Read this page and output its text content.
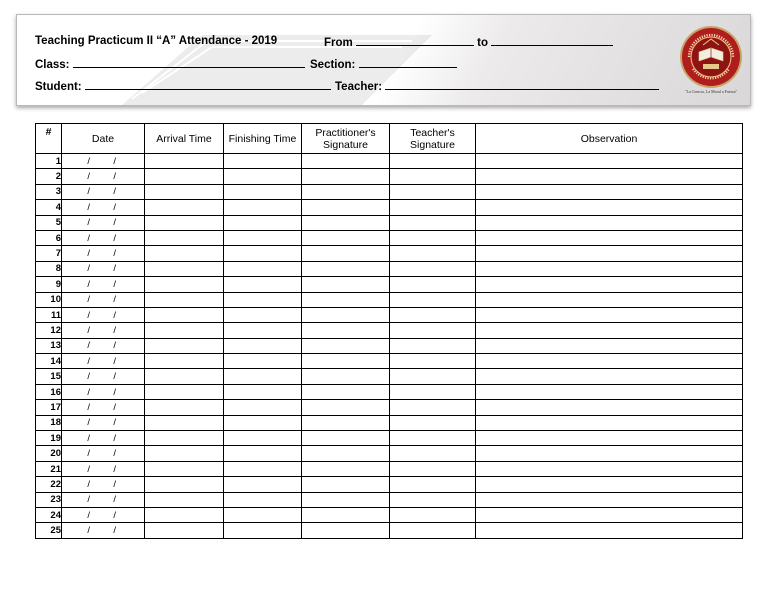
Teaching Practicum II “A” Attendance - 2019	From	to
Class:	Section:
Student:	Teacher:	"La Ciencia, La Moral a Fuerza"
#	Date	Arrival Time	Finishing Time	Practitioner's Signature	Teacher's Signature	Observation
1	/ /					
2	/ /					
3	/ /					
4	/ /					
5	/ /					
6	/ /					
7	/ /					
8	/ /					
9	/ /					
10	/ /					
11	/ /					
12	/ /					
13	/ /					
14	/ /					
15	/ /					
16	/ /					
17	/ /					
18	/ /					
19	/ /					
20	/ /					
21	/ /					
22	/ /					
23	/ /					
24	/ /					
25	/ /					
